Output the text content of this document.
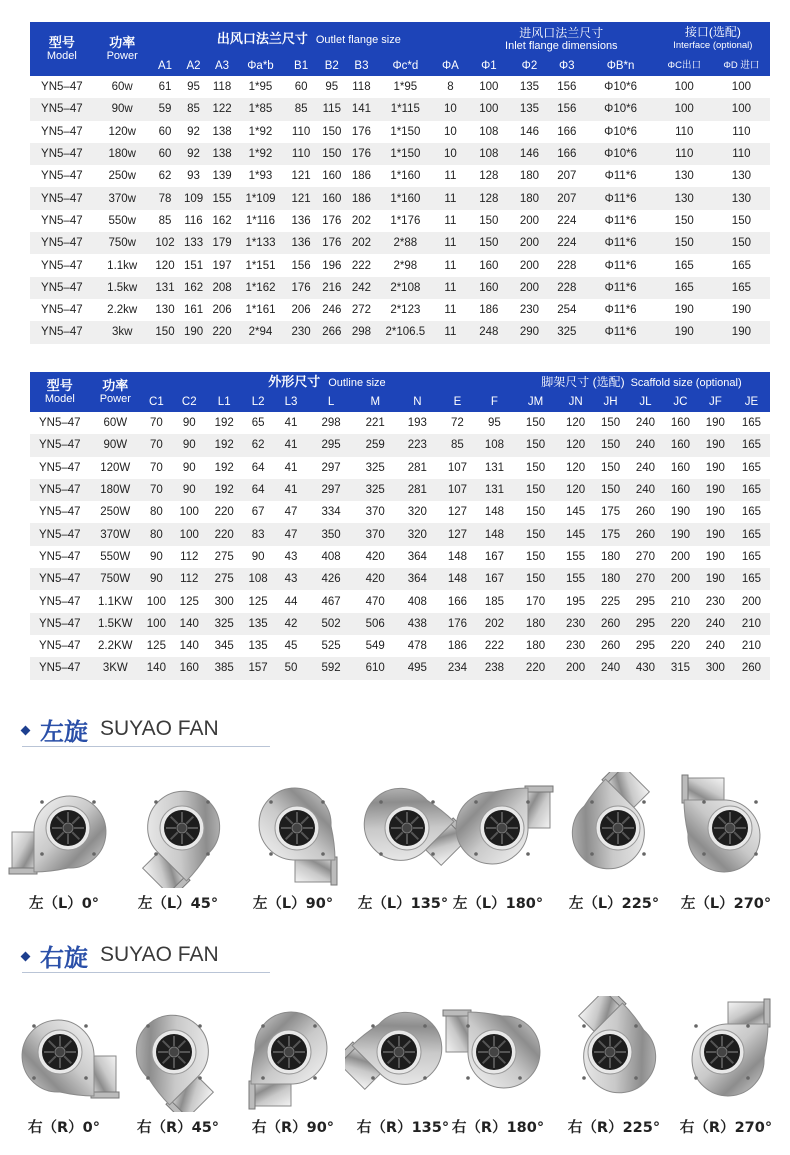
型号
Model	功率
Power	出风口法兰尺寸 Outlet flange size									进风口法兰尺寸
Inlet flange dimensions				接口(选配)
Interface (optional)	
		A1	A2	A3	Φa*b	B1	B2	B3	Φc*d	ΦA	Φ1	Φ2	Φ3	ΦB*n	ΦC出口	ΦD 进口
YN5–47	60w	61	95	118	1*95	60	95	118	1*95	8	100	135	156	Φ10*6	100	100
YN5–47	90w	59	85	122	1*85	85	115	141	1*115	10	100	135	156	Φ10*6	100	100
YN5–47	120w	60	92	138	1*92	110	150	176	1*150	10	108	146	166	Φ10*6	110	110
YN5–47	180w	60	92	138	1*92	110	150	176	1*150	10	108	146	166	Φ10*6	110	110
YN5–47	250w	62	93	139	1*93	121	160	186	1*160	11	128	180	207	Φ11*6	130	130
YN5–47	370w	78	109	155	1*109	121	160	186	1*160	11	128	180	207	Φ11*6	130	130
YN5–47	550w	85	116	162	1*116	136	176	202	1*176	11	150	200	224	Φ11*6	150	150
YN5–47	750w	102	133	179	1*133	136	176	202	2*88	11	150	200	224	Φ11*6	150	150
YN5–47	1.1kw	120	151	197	1*151	156	196	222	2*98	11	160	200	228	Φ11*6	165	165
YN5–47	1.5kw	131	162	208	1*162	176	216	242	2*108	11	160	200	228	Φ11*6	165	165
YN5–47	2.2kw	130	161	206	1*161	206	246	272	2*123	11	186	230	254	Φ11*6	190	190
YN5–47	3kw	150	190	220	2*94	230	266	298	2*106.5	11	248	290	325	Φ11*6	190	190
型号
Model	功率
Power	外形尺寸 Outline size										脚架尺寸 (选配) Scaffold size (optional)						
		C1	C2	L1	L2	L3	L	M	N	E	F	JM	JN	JH	JL	JC	JF	JE
YN5–47	60W	70	90	192	65	41	298	221	193	72	95	150	120	150	240	160	190	165
YN5–47	90W	70	90	192	62	41	295	259	223	85	108	150	120	150	240	160	190	165
YN5–47	120W	70	90	192	64	41	297	325	281	107	131	150	120	150	240	160	190	165
YN5–47	180W	70	90	192	64	41	297	325	281	107	131	150	120	150	240	160	190	165
YN5–47	250W	80	100	220	67	47	334	370	320	127	148	150	145	175	260	190	190	165
YN5–47	370W	80	100	220	83	47	350	370	320	127	148	150	145	175	260	190	190	165
YN5–47	550W	90	112	275	90	43	408	420	364	148	167	150	155	180	270	200	190	165
YN5–47	750W	90	112	275	108	43	426	420	364	148	167	150	155	180	270	200	190	165
YN5–47	1.1KW	100	125	300	125	44	467	470	408	166	185	170	195	225	295	210	230	200
YN5–47	1.5KW	100	140	325	135	42	502	506	438	176	202	180	230	260	295	220	240	210
YN5–47	2.2KW	125	140	345	135	45	525	549	478	186	222	180	230	260	295	220	240	210
YN5–47	3KW	140	160	385	157	50	592	610	495	234	238	220	200	240	430	315	300	260
左旋 SUYAO FAN
左（L）0°	左（L）45°	左（L）90°	左（L）135° 左（L）180°	左（L）225°	左（L）270°
右旋 SUYAO FAN
右（R）0°	右（R）45°	右（R）90°	右（R）135° 右（R）180°	右（R）225°	右（R）270°
